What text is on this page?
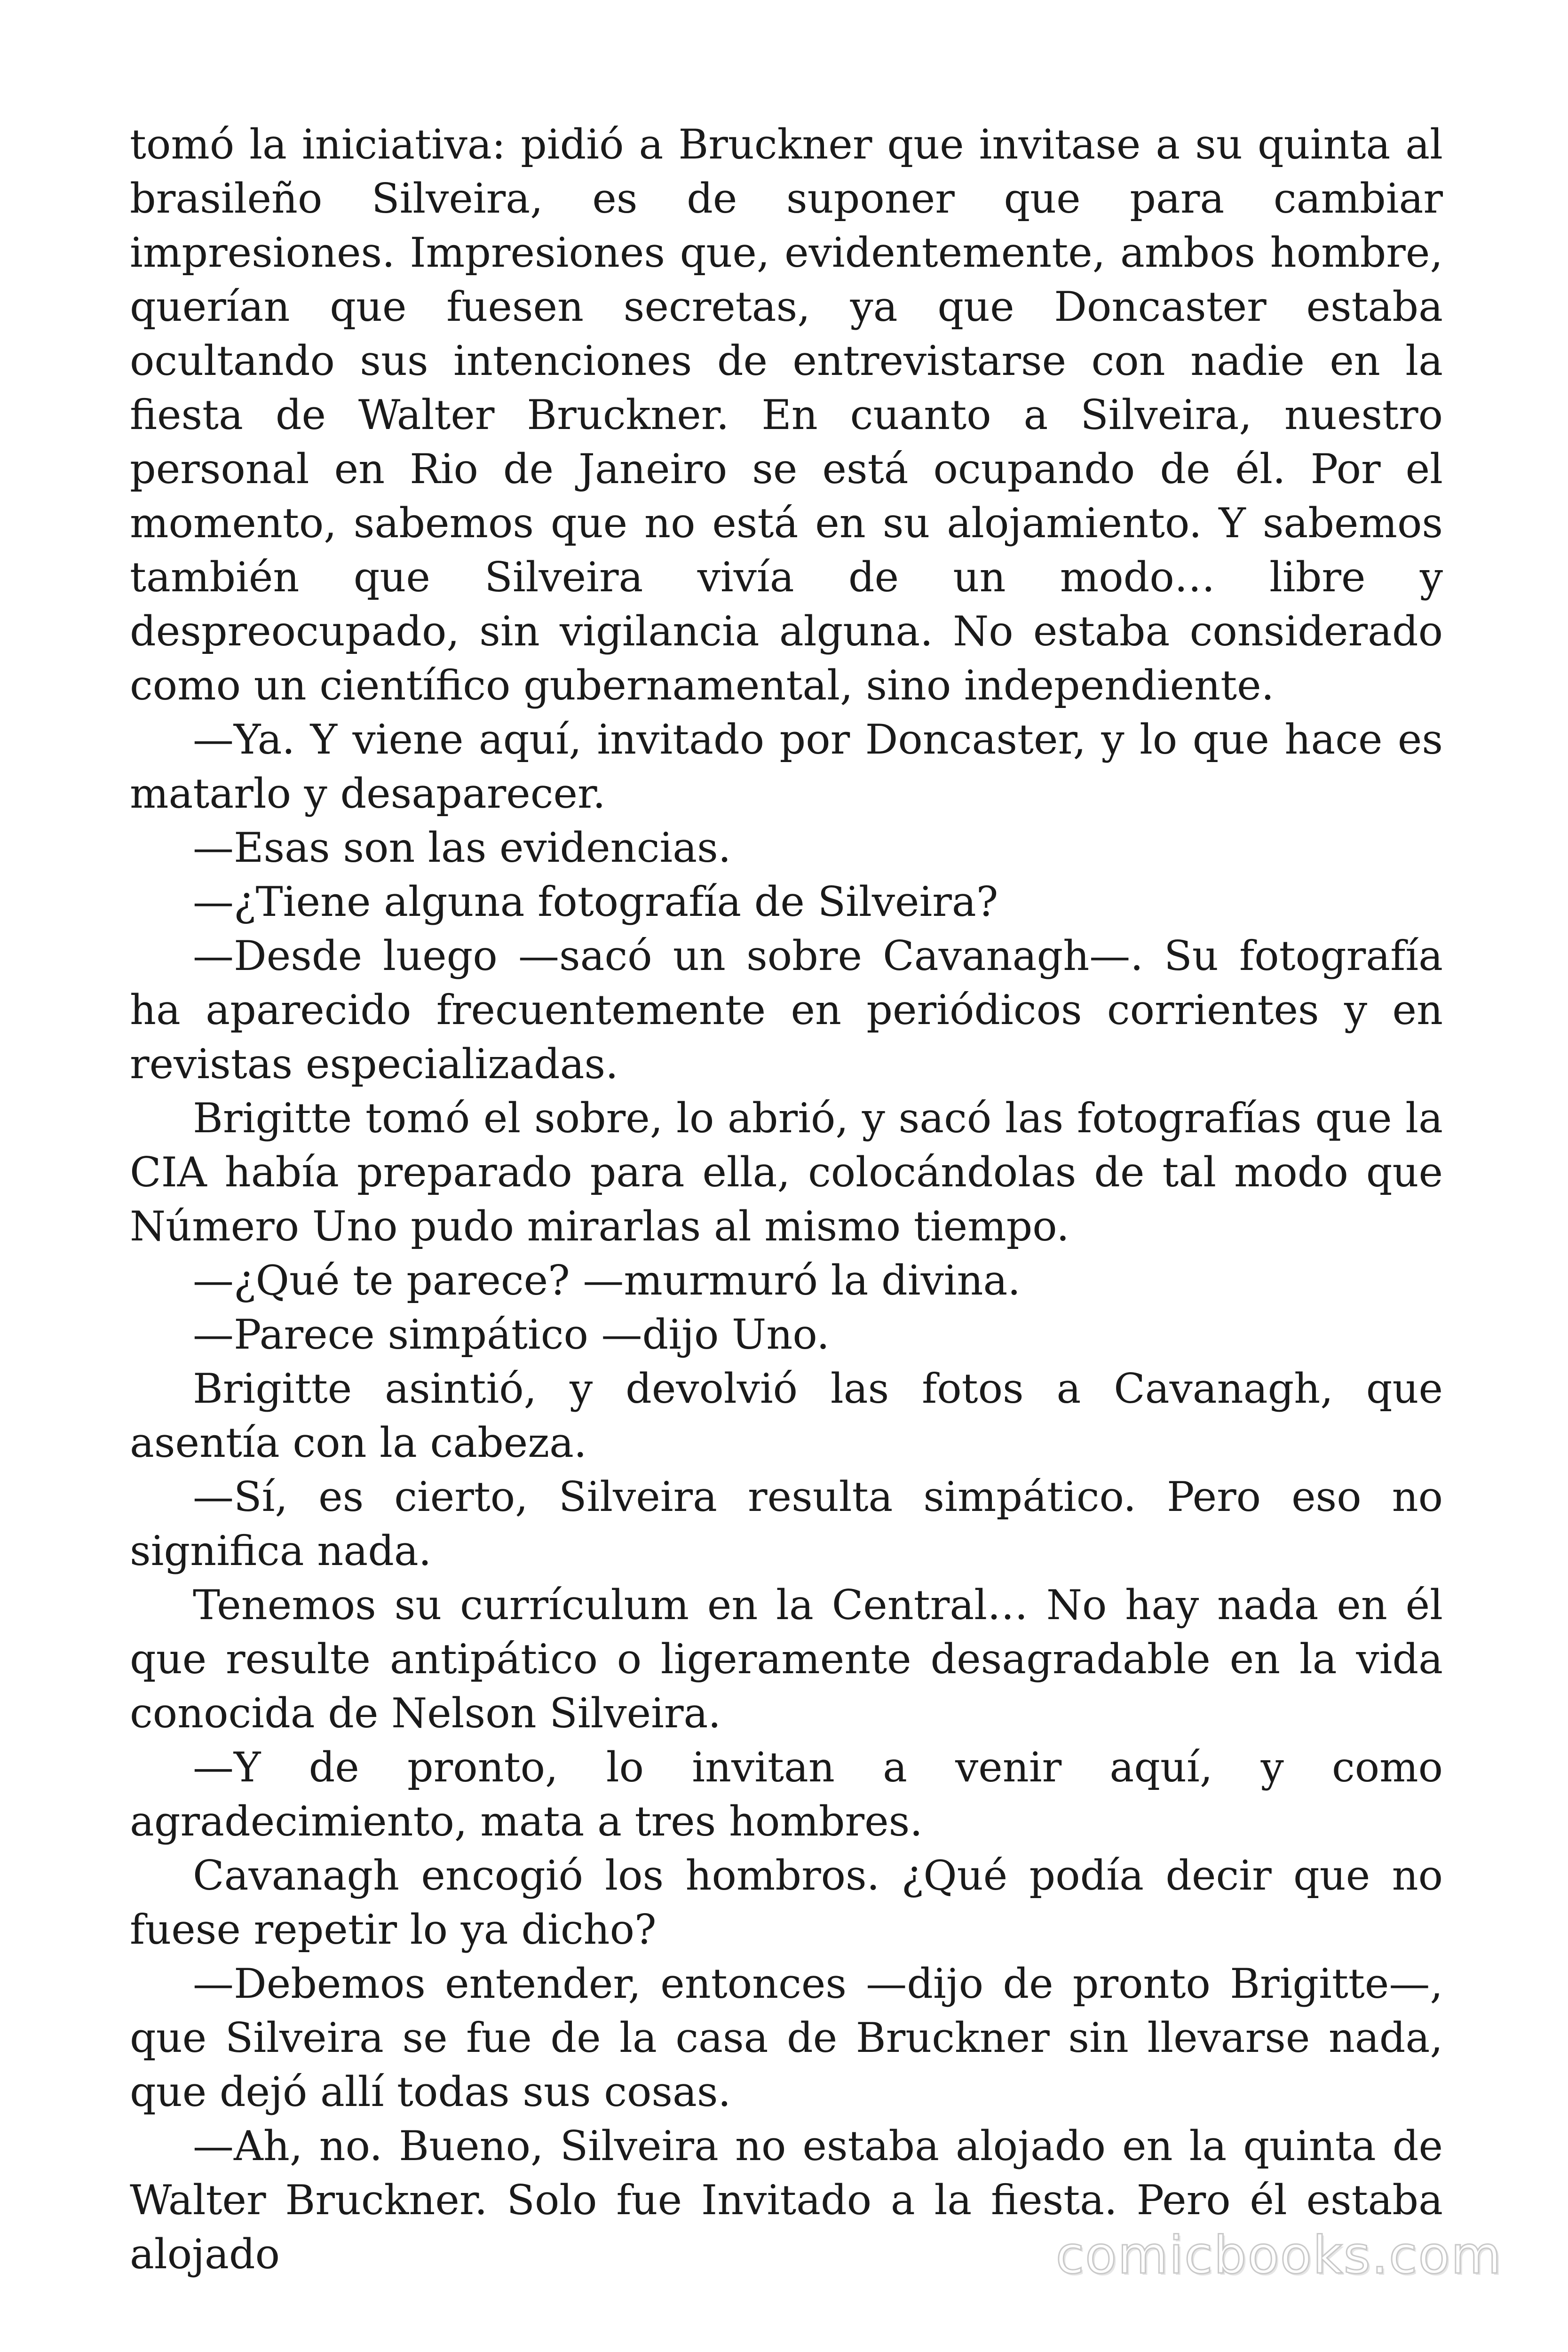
tomó la iniciativa: pidió a Bruckner que invitase a su quinta al brasileño Silveira, es de suponer que para cambiar impresiones. Impresiones que, evidentemente, ambos hombre, querían que fuesen secretas, ya que Doncaster estaba ocultando sus intenciones de entrevistarse con nadie en la fiesta de Walter Bruckner. En cuanto a Silveira, nuestro personal en Rio de Janeiro se está ocupando de él. Por el momento, sabemos que no está en su alojamiento. Y sabemos también que Silveira vivía de un modo… libre y despreocupado, sin vigilancia alguna. No estaba considerado como un científico gubernamental, sino independiente.

—Ya. Y viene aquí, invitado por Doncaster, y lo que hace es matarlo y desaparecer.

—Esas son las evidencias.

—¿Tiene alguna fotografía de Silveira?

—Desde luego —sacó un sobre Cavanagh—. Su fotografía ha aparecido frecuentemente en periódicos corrientes y en revistas especializadas.

Brigitte tomó el sobre, lo abrió, y sacó las fotografías que la CIA había preparado para ella, colocándolas de tal modo que Número Uno pudo mirarlas al mismo tiempo.

—¿Qué te parece? —murmuró la divina.

—Parece simpático —dijo Uno.

Brigitte asintió, y devolvió las fotos a Cavanagh, que asentía con la cabeza.

—Sí, es cierto, Silveira resulta simpático. Pero eso no significa nada.

Tenemos su currículum en la Central… No hay nada en él que resulte antipático o ligeramente desagradable en la vida conocida de Nelson Silveira.

—Y de pronto, lo invitan a venir aquí, y como agradecimiento, mata a tres hombres.

Cavanagh encogió los hombros. ¿Qué podía decir que no fuese repetir lo ya dicho?

—Debemos entender, entonces —dijo de pronto Brigitte—, que Silveira se fue de la casa de Bruckner sin llevarse nada, que dejó allí todas sus cosas.

—Ah, no. Bueno, Silveira no estaba alojado en la quinta de Walter Bruckner. Solo fue Invitado a la fiesta. Pero él estaba alojado	comicbooks.com
